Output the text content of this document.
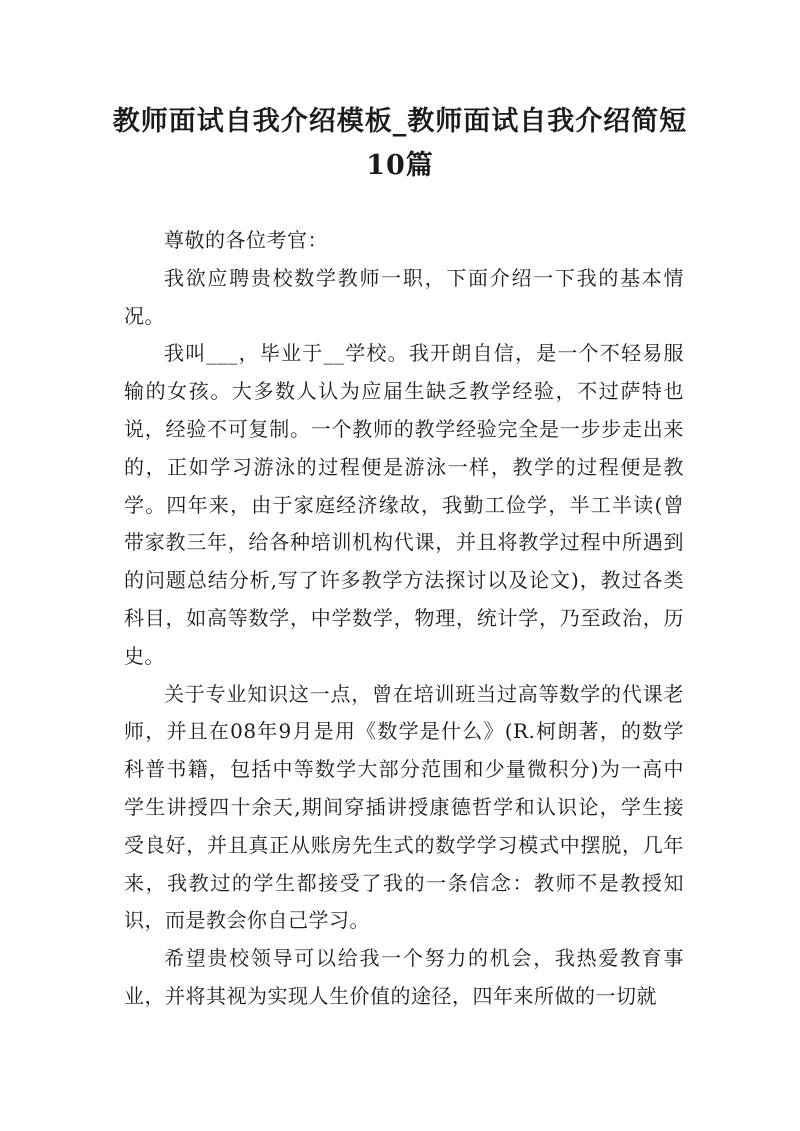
教师面试自我介绍模板_教师面试自我介绍简短10篇

尊敬的各位考官：

我欲应聘贵校数学教师一职，下面介绍一下我的基本情况。

我叫___，毕业于__学校。我开朗自信，是一个不轻易服输的女孩。大多数人认为应届生缺乏教学经验，不过萨特也说，经验不可复制。一个教师的教学经验完全是一步步走出来的，正如学习游泳的过程便是游泳一样，教学的过程便是教学。四年来，由于家庭经济缘故，我勤工俭学，半工半读(曾带家教三年，给各种培训机构代课，并且将教学过程中所遇到的问题总结分析,写了许多教学方法探讨以及论文)，教过各类科目，如高等数学，中学数学，物理，统计学，乃至政治，历史。

关于专业知识这一点，曾在培训班当过高等数学的代课老师，并且在08年9月是用《数学是什么》(R.柯朗著，的数学科普书籍，包括中等数学大部分范围和少量微积分)为一高中学生讲授四十余天,期间穿插讲授康德哲学和认识论，学生接受良好，并且真正从账房先生式的数学学习模式中摆脱，几年来，我教过的学生都接受了我的一条信念：教师不是教授知识，而是教会你自己学习。

希望贵校领导可以给我一个努力的机会，我热爱教育事业，并将其视为实现人生价值的途径，四年来所做的一切就
